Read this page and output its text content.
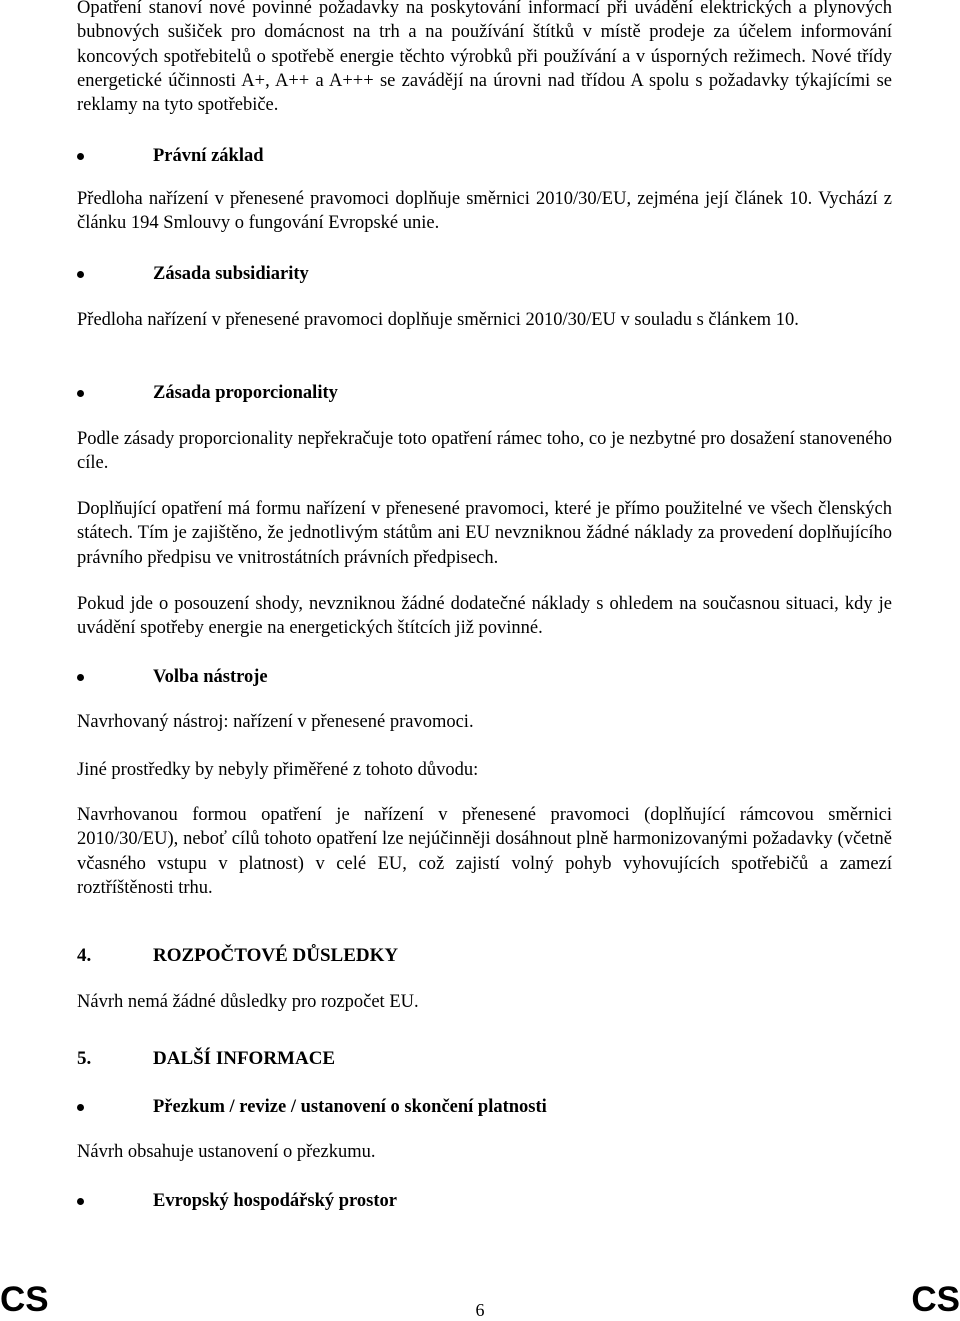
Opatření stanoví nové povinné požadavky na poskytování informací při uvádění elektrických a plynových bubnových sušiček pro domácnost na trh a na používání štítků v místě prodeje za účelem informování koncových spotřebitelů o spotřebě energie těchto výrobků při používání a v úsporných režimech. Nové třídy energetické účinnosti A+, A++ a A+++ se zavádějí na úrovni nad třídou A spolu s požadavky týkajícími se reklamy na tyto spotřebiče.

Právní základ

Předloha nařízení v přenesené pravomoci doplňuje směrnici 2010/30/EU, zejména její článek 10. Vychází z článku 194 Smlouvy o fungování Evropské unie.

Zásada subsidiarity

Předloha nařízení v přenesené pravomoci doplňuje směrnici 2010/30/EU v souladu s článkem 10.

Zásada proporcionality

Podle zásady proporcionality nepřekračuje toto opatření rámec toho, co je nezbytné pro dosažení stanoveného cíle.

Doplňující opatření má formu nařízení v přenesené pravomoci, které je přímo použitelné ve všech členských státech. Tím je zajištěno, že jednotlivým státům ani EU nevzniknou žádné náklady za provedení doplňujícího právního předpisu ve vnitrostátních právních předpisech.

Pokud jde o posouzení shody, nevzniknou žádné dodatečné náklady s ohledem na současnou situaci, kdy je uvádění spotřeby energie na energetických štítcích již povinné.

Volba nástroje

Navrhovaný nástroj: nařízení v přenesené pravomoci.

Jiné prostředky by nebyly přiměřené z tohoto důvodu:

Navrhovanou formou opatření je nařízení v přenesené pravomoci (doplňující rámcovou směrnici 2010/30/EU), neboť cílů tohoto opatření lze nejúčinněji dosáhnout plně harmonizovanými požadavky (včetně včasného vstupu v platnost) v celé EU, což zajistí volný pohyb vyhovujících spotřebičů a zamezí roztříštěnosti trhu.

4.	ROZPOČTOVÉ DŮSLEDKY

Návrh nemá žádné důsledky pro rozpočet EU.

5.	DALŠÍ INFORMACE
Přezkum / revize / ustanovení o skončení platnosti

Návrh obsahuje ustanovení o přezkumu.

Evropský hospodářský prostor
CS	6	CS
